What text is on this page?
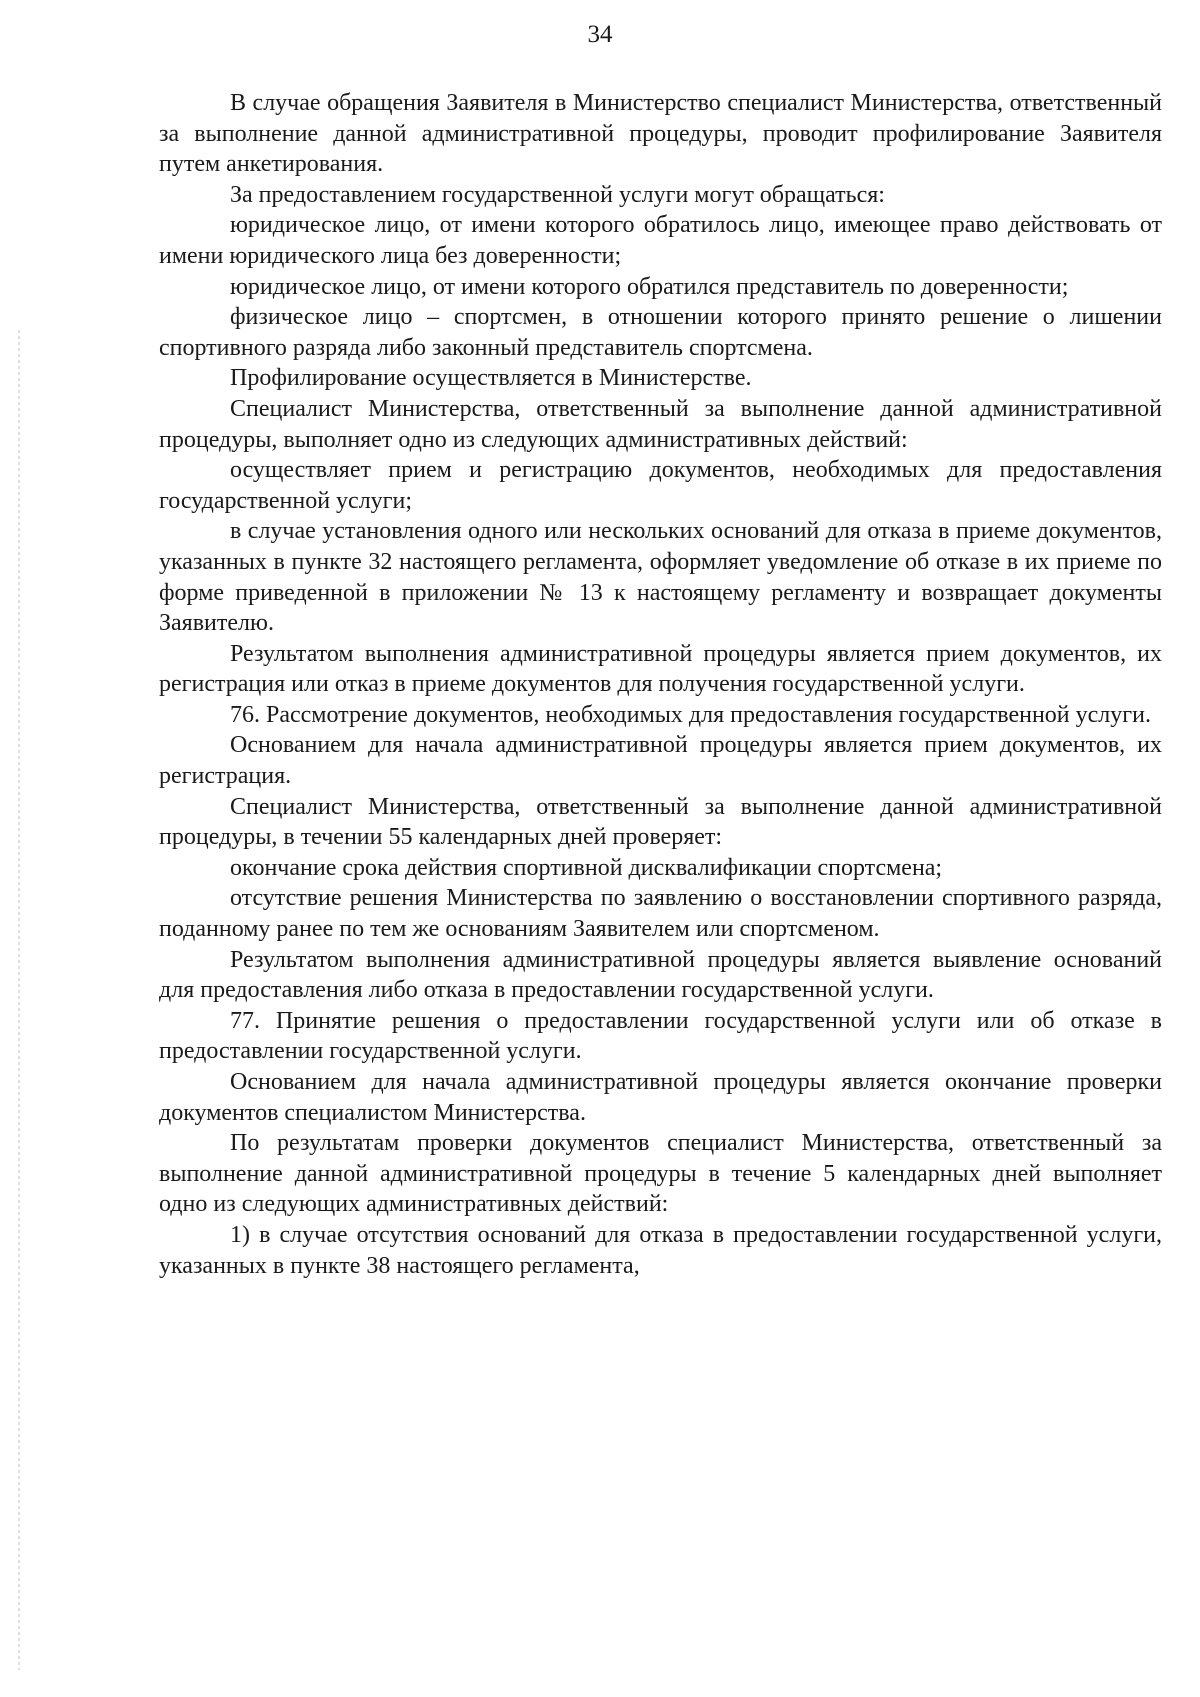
34

В случае обращения Заявителя в Министерство специалист Министерства, ответственный за выполнение данной административной процедуры, проводит профилирование Заявителя путем анкетирования.

За предоставлением государственной услуги могут обращаться:

юридическое лицо, от имени которого обратилось лицо, имеющее право действовать от имени юридического лица без доверенности;

юридическое лицо, от имени которого обратился представитель по доверенности;

физическое лицо – спортсмен, в отношении которого принято решение о лишении спортивного разряда либо законный представитель спортсмена.

Профилирование осуществляется в Министерстве.

Специалист Министерства, ответственный за выполнение данной административной процедуры, выполняет одно из следующих административных действий:

осуществляет прием и регистрацию документов, необходимых для предоставления государственной услуги;

в случае установления одного или нескольких оснований для отказа в приеме документов, указанных в пункте 32 настоящего регламента, оформляет уведомление об отказе в их приеме по форме приведенной в приложении № 13 к настоящему регламенту и возвращает документы Заявителю.

Результатом выполнения административной процедуры является прием документов, их регистрация или отказ в приеме документов для получения государственной услуги.

76. Рассмотрение документов, необходимых для предоставления государственной услуги.

Основанием для начала административной процедуры является прием документов, их регистрация.

Специалист Министерства, ответственный за выполнение данной административной процедуры, в течении 55 календарных дней проверяет:

окончание срока действия спортивной дисквалификации спортсмена;

отсутствие решения Министерства по заявлению о восстановлении спортивного разряда, поданному ранее по тем же основаниям Заявителем или спортсменом.

Результатом выполнения административной процедуры является выявление оснований для предоставления либо отказа в предоставлении государственной услуги.

77. Принятие решения о предоставлении государственной услуги или об отказе в предоставлении государственной услуги.

Основанием для начала административной процедуры является окончание проверки документов специалистом Министерства.

По результатам проверки документов специалист Министерства, ответственный за выполнение данной административной процедуры в течение 5 календарных дней выполняет одно из следующих административных действий:

1) в случае отсутствия оснований для отказа в предоставлении государственной услуги, указанных в пункте 38 настоящего регламента,
